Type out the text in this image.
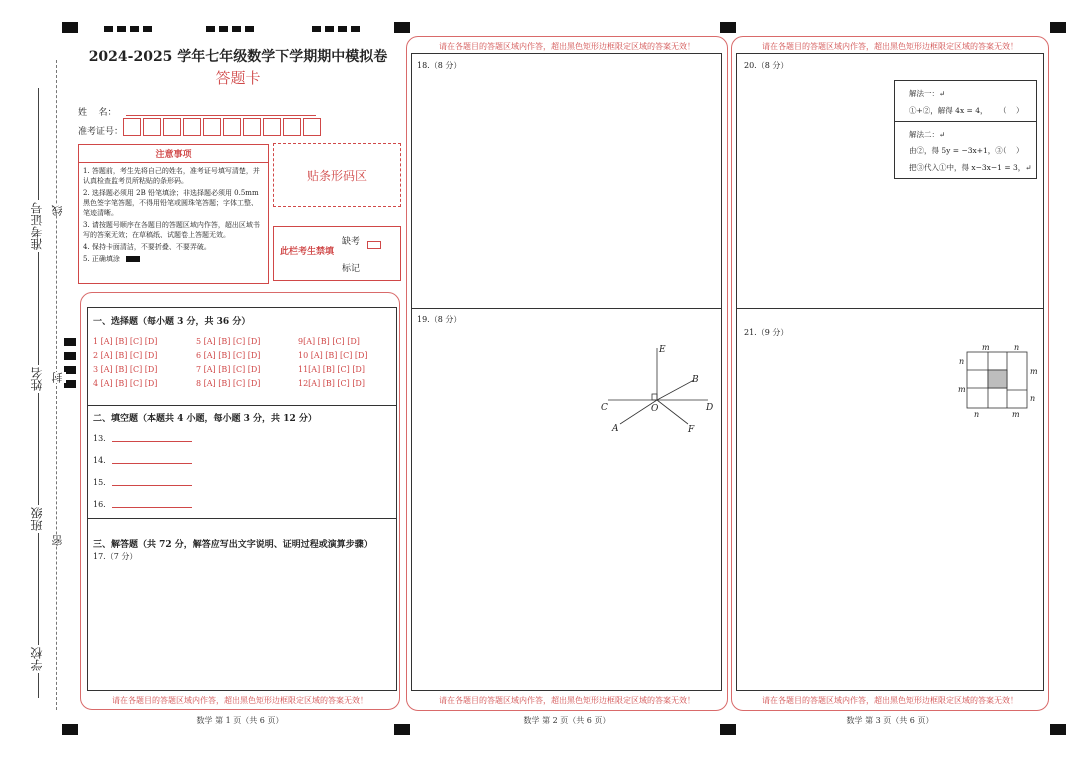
准考证号
姓名
班级
学校
线
封
密
2024-2025 学年七年级数学下学期期中模拟卷
答题卡
姓    名：
准考证号：
注意事项
1. 答题前，考生先将自己的姓名，准考证号填写清楚，并认真检查监考员所粘贴的条形码。
2. 选择题必须用 2B 铅笔填涂；非选择题必须用 0.5mm 黑色签字笔答题，不得用铅笔或圆珠笔答题；字体工整、笔迹清晰。
3. 请按题号顺序在各题目的答题区域内作答，超出区域书写的答案无效；在草稿纸、试题卷上答题无效。
4. 保持卡面清洁，不要折叠、不要弄破。
5. 正确填涂
贴条形码区
此栏考生禁填
缺考
标记
一、选择题（每小题 3 分，共 36 分）
1 [A] [B] [C] [D]	5 [A] [B] [C] [D]	9[A] [B] [C] [D]
2 [A] [B] [C] [D]	6 [A] [B] [C] [D]	10 [A] [B] [C] [D]
3 [A] [B] [C] [D]	7 [A] [B] [C] [D]	11[A] [B] [C] [D]
4 [A] [B] [C] [D]	8 [A] [B] [C] [D]	12[A] [B] [C] [D]
二、填空题（本题共 4 小题，每小题 3 分，共 12 分）
13.
14.
15.
16.
三、解答题（共 72 分，解答应写出文字说明、证明过程或演算步骤）
17.（7 分）
请在各题目的答题区域内作答，超出黑色矩形边框限定区域的答案无效！
数学 第 1 页（共 6 页）
请在各题目的答题区域内作答，超出黑色矩形边框限定区域的答案无效！
18.（8 分）
19.（8 分）
E
B
C	O	D
A	F
请在各题目的答题区域内作答，超出黑色矩形边框限定区域的答案无效！
数学 第 2 页（共 6 页）
请在各题目的答题区域内作答，超出黑色矩形边框限定区域的答案无效！
20.（8 分）
解法一：↵
①+②，解得 4x = 4， （    ）
解法二：↵
由②，得 5y = −3x+1，③
（    ）
把③代入①中，得 x−3x−1 = 3，↵
21.（9 分）
m	n
n
m
m
n
n	m
请在各题目的答题区域内作答，超出黑色矩形边框限定区域的答案无效！
数学 第 3 页（共 6 页）
